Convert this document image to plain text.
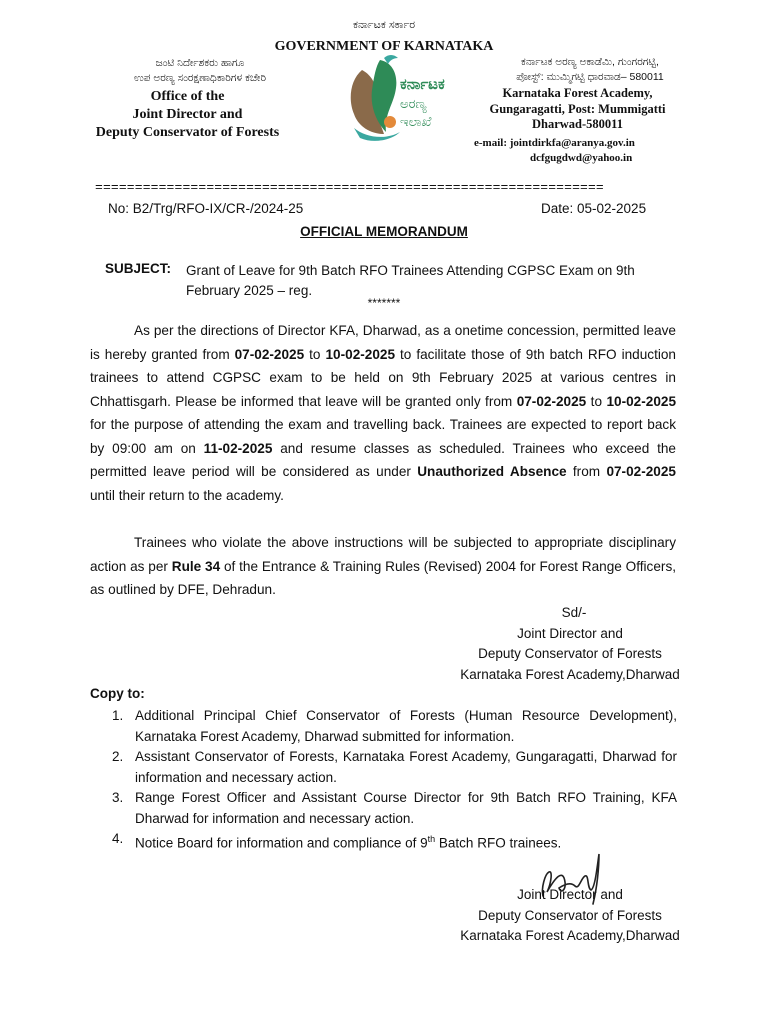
ಕರ್ನಾಟಕ ಸರ್ಕಾರ
GOVERNMENT OF KARNATAKA
ಜಂಟಿ ನಿರ್ದೇಶಕರು ಹಾಗೂ
ಉಪ ಅರಣ್ಯ ಸಂರಕ್ಷಣಾಧಿಕಾರಿಗಳ ಕಚೇರಿ
Office of the
Joint Director and
Deputy Conservator of Forests
ಕರ್ನಾಟಕ
ಅರಣ್ಯ
ಇಲಾಖೆ
ಕರ್ನಾಟಕ ಅರಣ್ಯ ಅಕಾಡೆಮಿ, ಗುಂಗರಗಟ್ಟಿ,
ಪೋಸ್ಟ್: ಮುಮ್ಮಿಗಟ್ಟಿ ಧಾರವಾಡ– 580011
Karnataka Forest Academy,
Gungaragatti, Post: Mummigatti
Dharwad-580011
e-mail: jointdirkfa@aranya.gov.in
dcfgugdwd@yahoo.in
================================================================
No: B2/Trg/RFO-IX/CR-/2024-25	Date: 05-02-2025
OFFICIAL MEMORANDUM
SUBJECT: Grant of Leave for 9th Batch RFO Trainees Attending CGPSC Exam on 9th February 2025 – reg.
*******
As per the directions of Director KFA, Dharwad, as a onetime concession, permitted leave is hereby granted from 07-02-2025 to 10-02-2025 to facilitate those of 9th batch RFO induction trainees to attend CGPSC exam to be held on 9th February 2025 at various centres in Chhattisgarh. Please be informed that leave will be granted only from 07-02-2025 to 10-02-2025 for the purpose of attending the exam and travelling back. Trainees are expected to report back by 09:00 am on 11-02-2025 and resume classes as scheduled. Trainees who exceed the permitted leave period will be considered as under Unauthorized Absence from 07-02-2025 until their return to the academy.
Trainees who violate the above instructions will be subjected to appropriate disciplinary action as per Rule 34 of the Entrance & Training Rules (Revised) 2004 for Forest Range Officers, as outlined by DFE, Dehradun.
Sd/-
Joint Director and
Deputy Conservator of Forests
Karnataka Forest Academy,Dharwad
Copy to:
1. Additional Principal Chief Conservator of Forests (Human Resource Development), Karnataka Forest Academy, Dharwad submitted for information.
2. Assistant Conservator of Forests, Karnataka Forest Academy, Gungaragatti, Dharwad for information and necessary action.
3. Range Forest Officer and Assistant Course Director for 9th Batch RFO Training, KFA Dharwad for information and necessary action.
4. Notice Board for information and compliance of 9th Batch RFO trainees.
Joint Director and
Deputy Conservator of Forests
Karnataka Forest Academy,Dharwad
